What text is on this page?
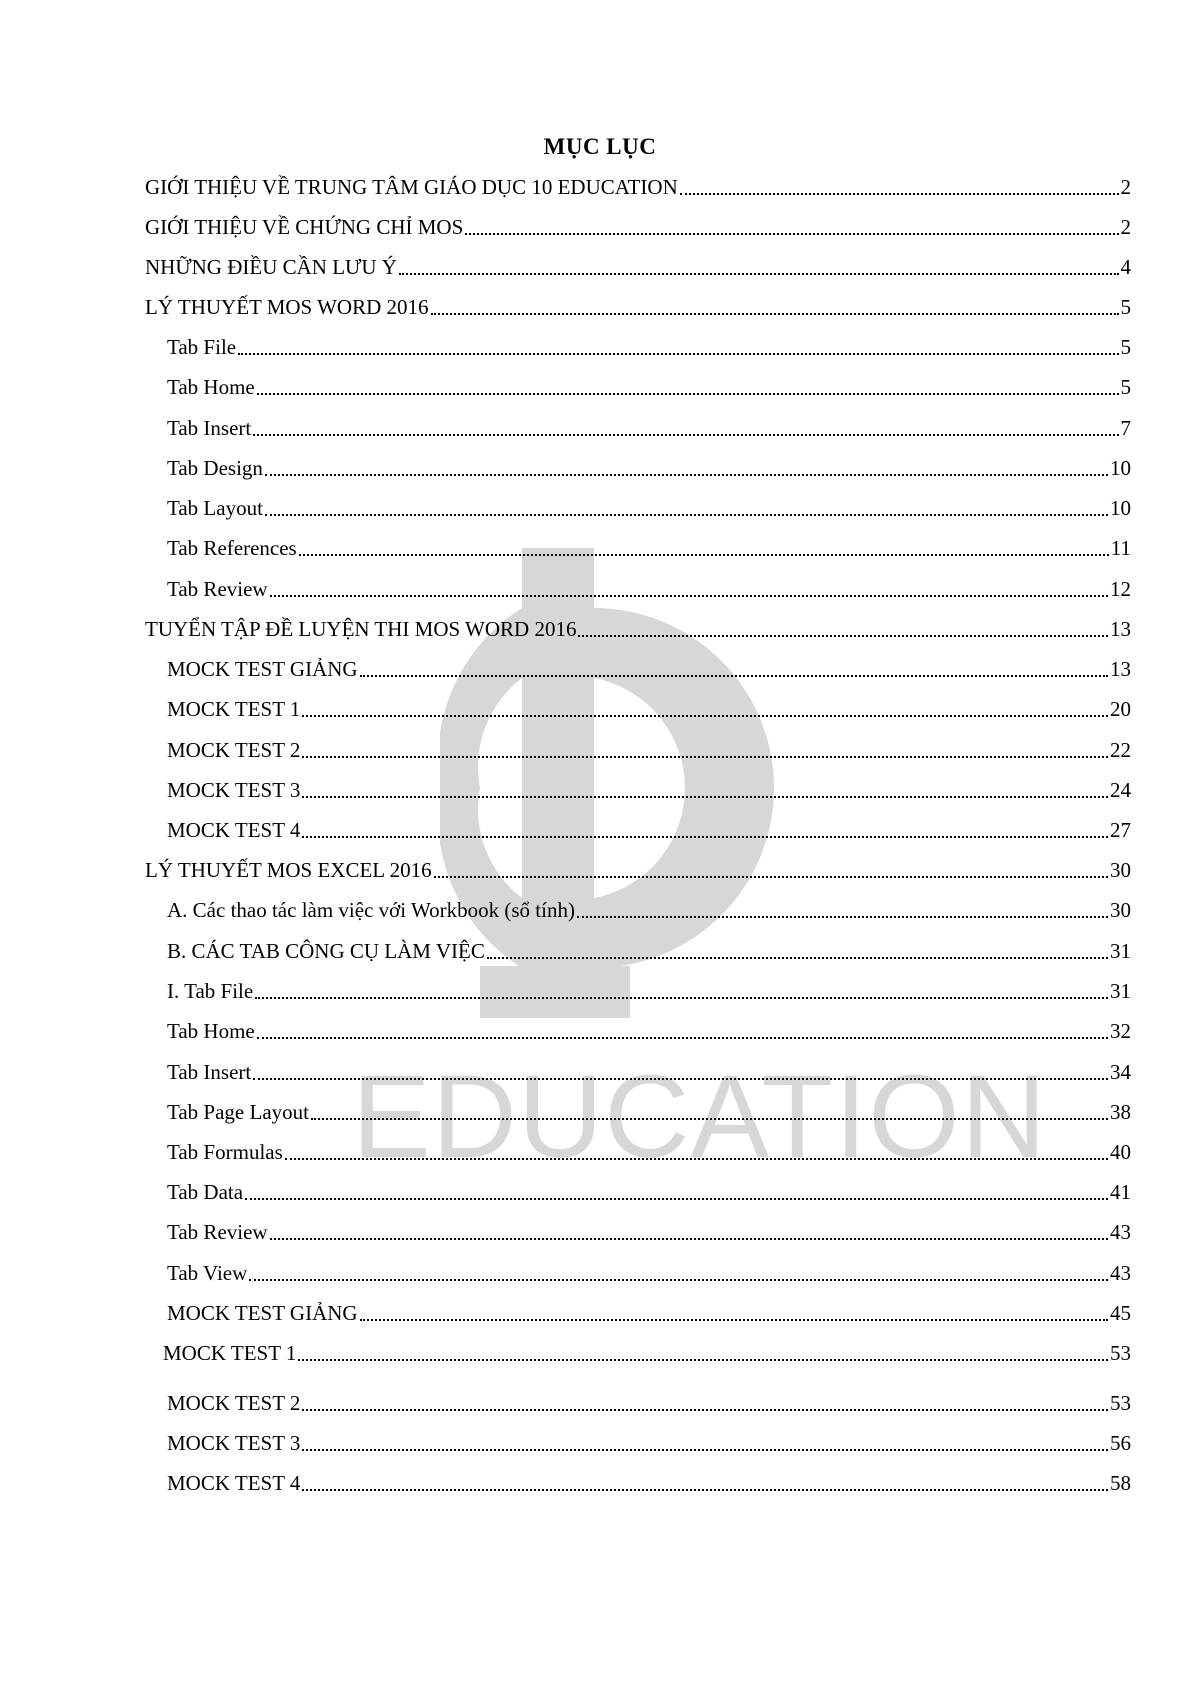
EDUCATION
MỤC LỤC
GIỚI THIỆU VỀ TRUNG TÂM GIÁO DỤC 10 EDUCATION	2
GIỚI THIỆU VỀ CHỨNG CHỈ MOS	2
NHỮNG ĐIỀU CẦN LƯU Ý	4
LÝ THUYẾT MOS WORD 2016	5
Tab File	5
Tab Home	5
Tab Insert	7
Tab Design	10
Tab Layout	10
Tab References	11
Tab Review	12
TUYỂN TẬP ĐỀ LUYỆN THI MOS WORD 2016	13
MOCK TEST GIẢNG	13
MOCK TEST 1	20
MOCK TEST 2	22
MOCK TEST 3	24
MOCK TEST 4	27
LÝ THUYẾT MOS EXCEL 2016	30
A. Các thao tác làm việc với Workbook (sổ tính)	30
B. CÁC TAB CÔNG CỤ LÀM VIỆC	31
I. Tab File	31
Tab Home	32
Tab Insert	34
Tab Page Layout	38
Tab Formulas	40
Tab Data	41
Tab Review	43
Tab View	43
MOCK TEST GIẢNG	45
MOCK TEST 1	53
MOCK TEST 2	53
MOCK TEST 3	56
MOCK TEST 4	58
